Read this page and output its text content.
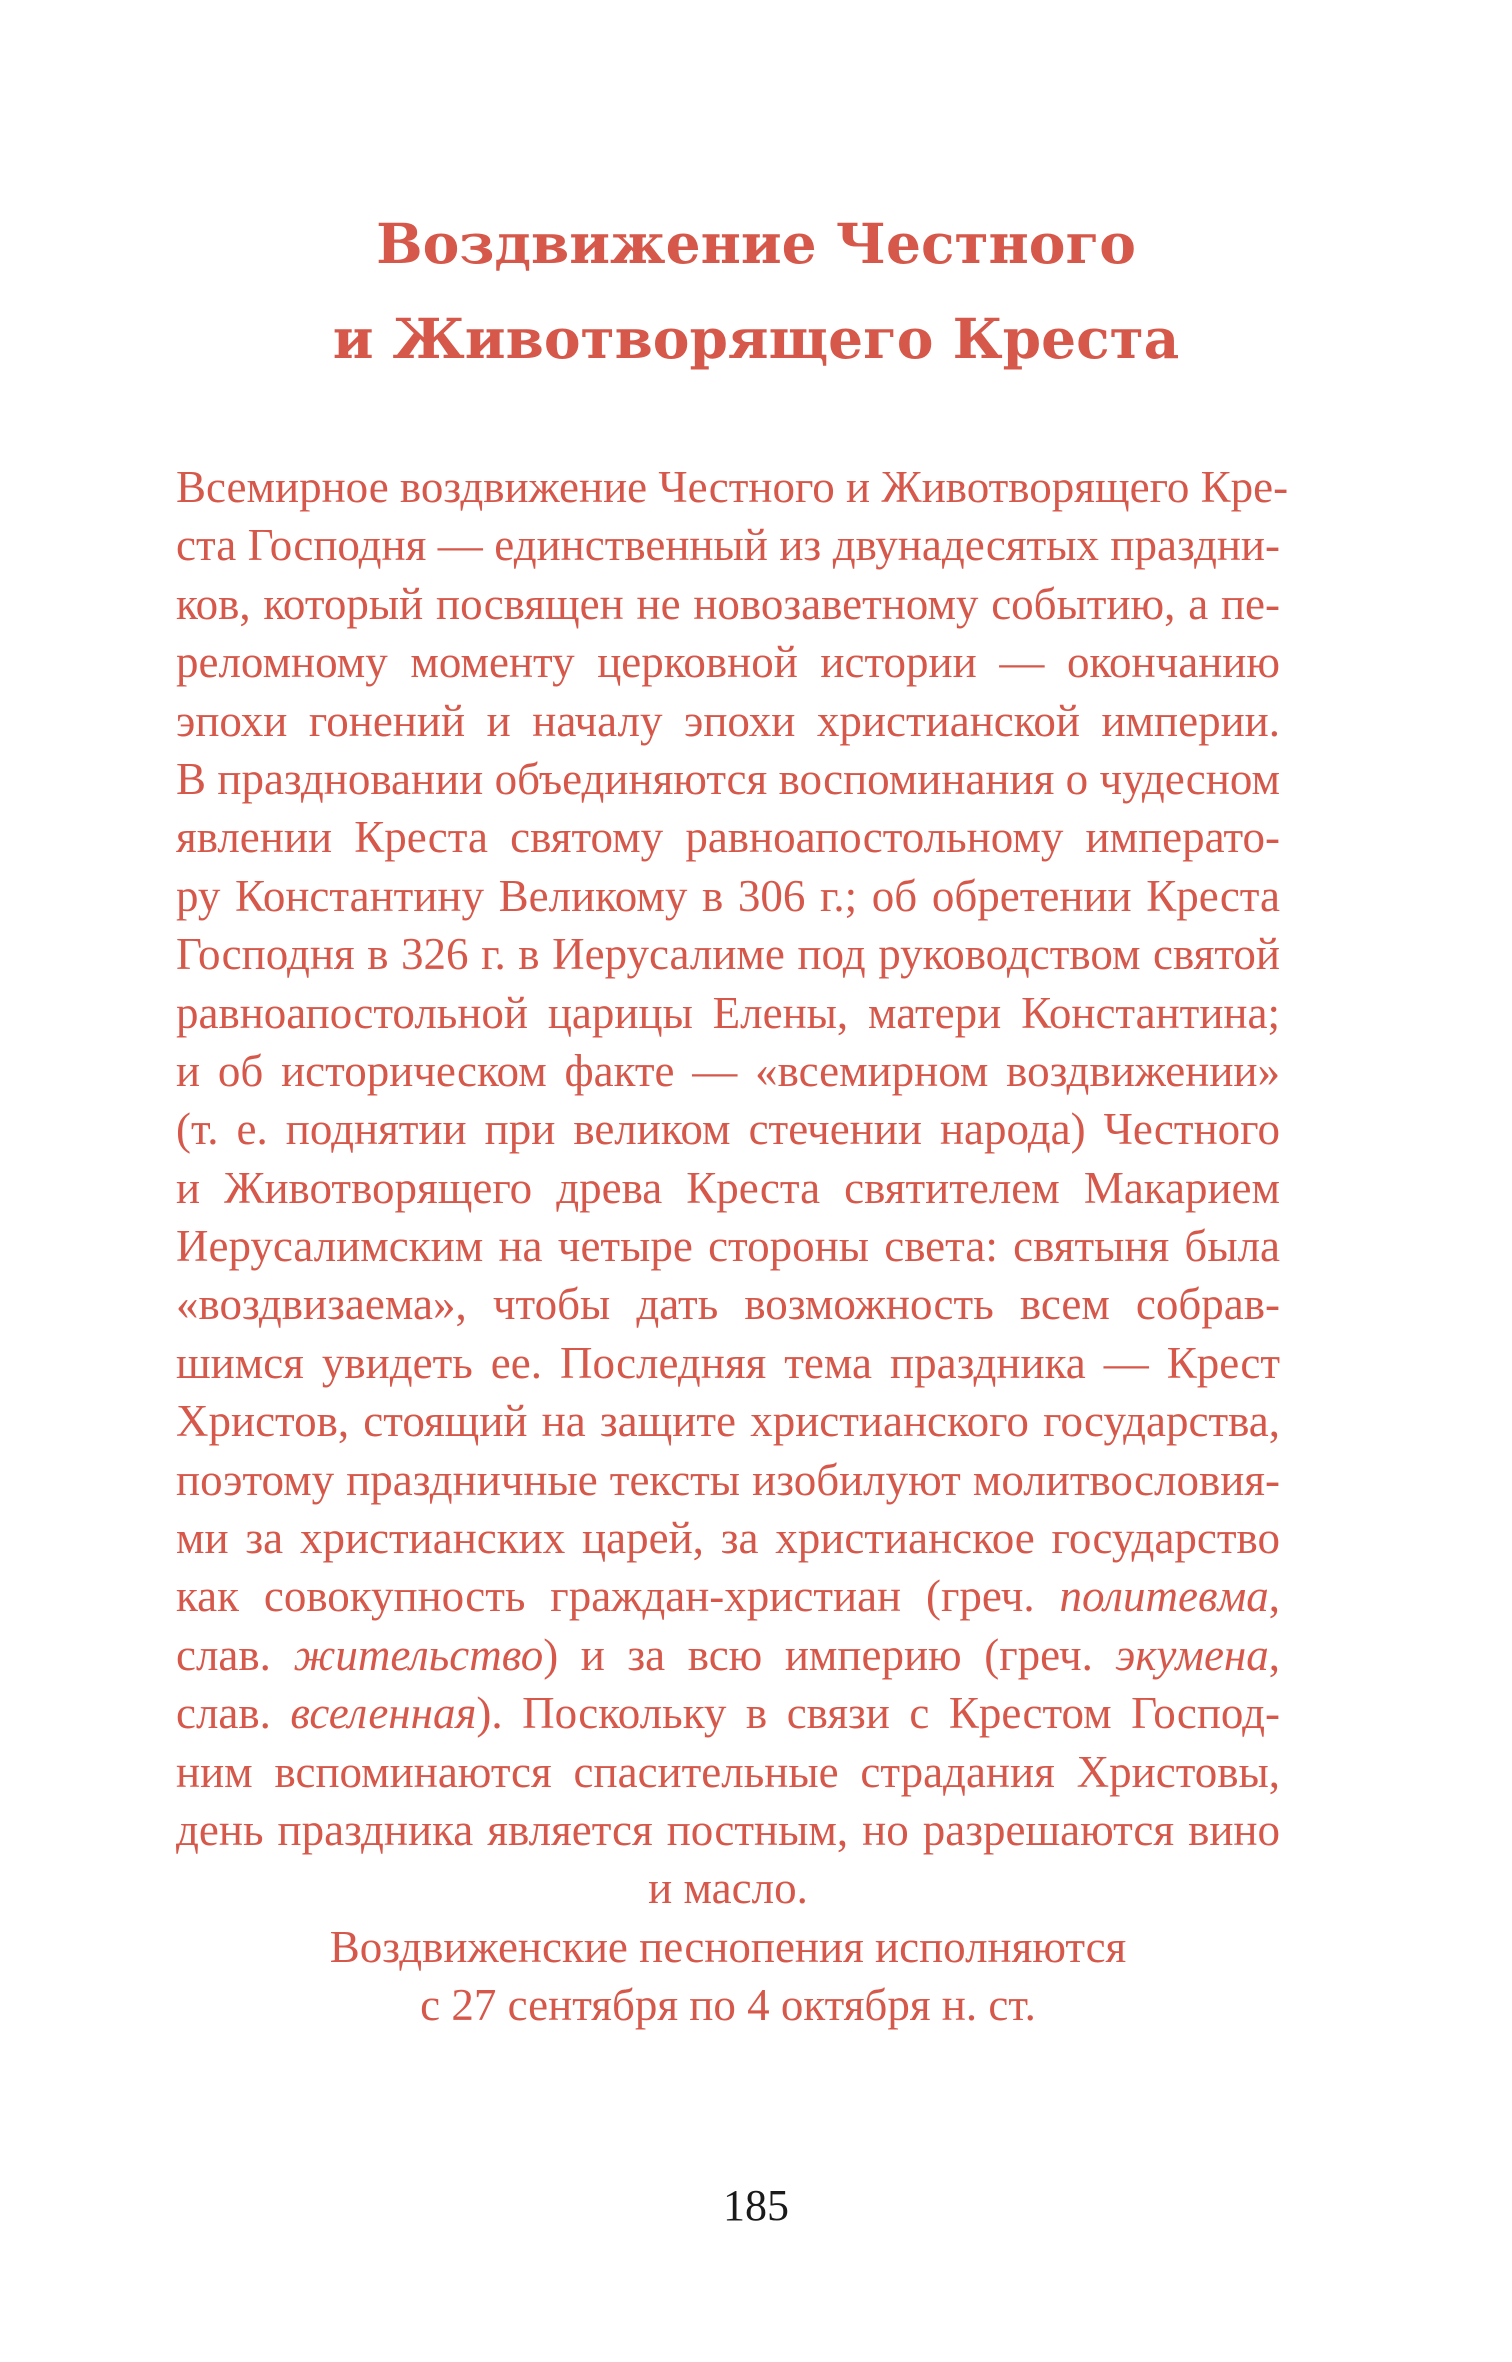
Воздвижение Честного
и Животворящего Креста
Всемирное воздвижение Честного и Животворящего Кре-
ста Господня — единственный из двунадесятых праздни-
ков, который посвящен не новозаветному событию, а пе-
реломному моменту церковной истории — окончанию
эпохи гонений и началу эпохи христианской империи.
В праздновании объединяются воспоминания о чудесном
явлении Креста святому равноапостольному императо-
ру Константину Великому в 306 г.; об обретении Креста
Господня в 326 г. в Иерусалиме под руководством святой
равноапостольной царицы Елены, матери Константина;
и об историческом факте — «всемирном воздвижении»
(т. е. поднятии при великом стечении народа) Честного
и Животворящего древа Креста святителем Макарием
Иерусалимским на четыре стороны света: святыня была
«воздвизаема», чтобы дать возможность всем собрав-
шимся увидеть ее. Последняя тема праздника — Крест
Христов, стоящий на защите христианского государства,
поэтому праздничные тексты изобилуют молитвословия-
ми за христианских царей, за христианское государство
как совокупность граждан-христиан (греч. политевма,
слав. жительство) и за всю империю (греч. экумена,
слав. вселенная). Поскольку в связи с Крестом Господ-
ним вспоминаются спасительные страдания Христовы,
день праздника является постным, но разрешаются вино
и масло.
Воздвиженские песнопения исполняются
с 27 сентября по 4 октября н. ст.
185
